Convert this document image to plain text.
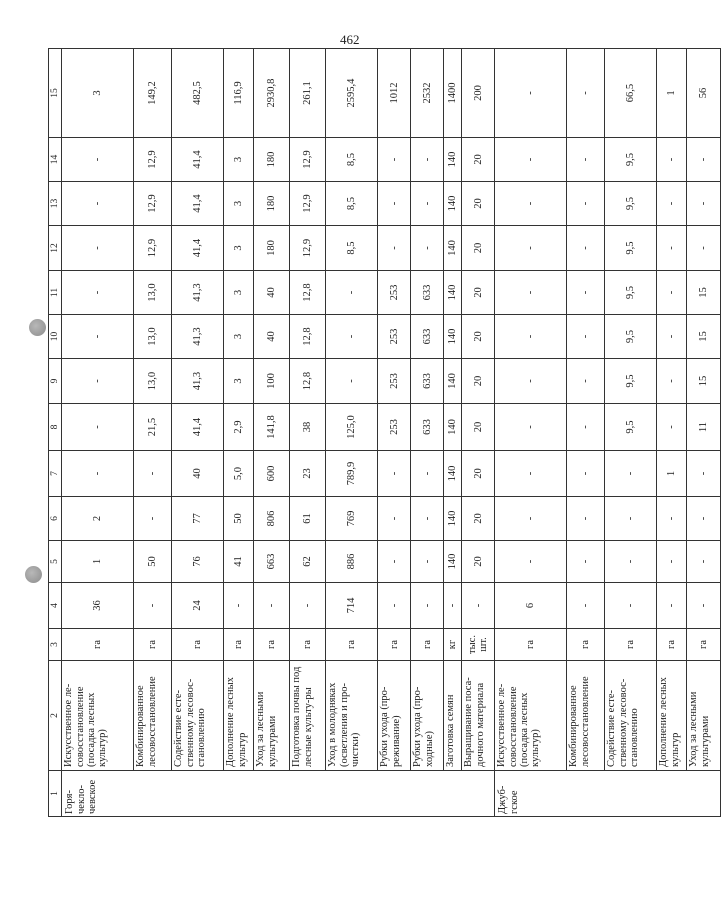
462
1	2	3	4	5	6	7	8	9	10	11	12	13	14	15
Горя-чекло-чевское	Искусственное ле-совосстановление (посадка лесных культур)	га	36	1	2	-	-	-	-	-	-	-	-	3
	Комбинированное лесовосстановление	га	-	50	-	-	21,5	13,0	13,0	13,0	12,9	12,9	12,9	149,2
	Содействие есте-ственному лесовос-становлению	га	24	76	77	40	41,4	41,3	41,3	41,3	41,4	41,4	41,4	482,5
	Дополнение лесных культур	га	-	41	50	5,0	2,9	3	3	3	3	3	3	116,9
	Уход за лесными культурами	га	-	663	806	600	141,8	100	40	40	180	180	180	2930,8
	Подготовка почвы под лесные культу-ры	га	-	62	61	23	38	12,8	12,8	12,8	12,9	12,9	12,9	261,1
	Уход в молодняках (осветления и про-чистки)	га	714	886	769	789,9	125,0	-	-	-	8,5	8,5	8,5	2595,4
	Рубки ухода (про-реживание)	га	-	-	-	-	253	253	253	253	-	-	-	1012
	Рубки ухода (про-ходные)	га	-	-	-	-	633	633	633	633	-	-	-	2532
	Заготовка семян	кг	-	140	140	140	140	140	140	140	140	140	140	1400
	Выращивание поса-дочного материала	тыс. шт.	-	20	20	20	20	20	20	20	20	20	20	200
Джуб-гское	Искусственное ле-совосстановление (посадка лесных культур)	га	6	-	-	-	-	-	-	-	-	-	-	-
	Комбинированное лесовосстановление	га	-	-	-	-	-	-	-	-	-	-	-	-
	Содействие есте-ственному лесовос-становлению	га	-	-	-	-	9,5	9,5	9,5	9,5	9,5	9,5	9,5	66,5
	Дополнение лесных культур	га	-	-	-	1	-	-	-	-	-	-	-	1
	Уход за лесными культурами	га	-	-	-	-	11	15	15	15	-	-	-	56
